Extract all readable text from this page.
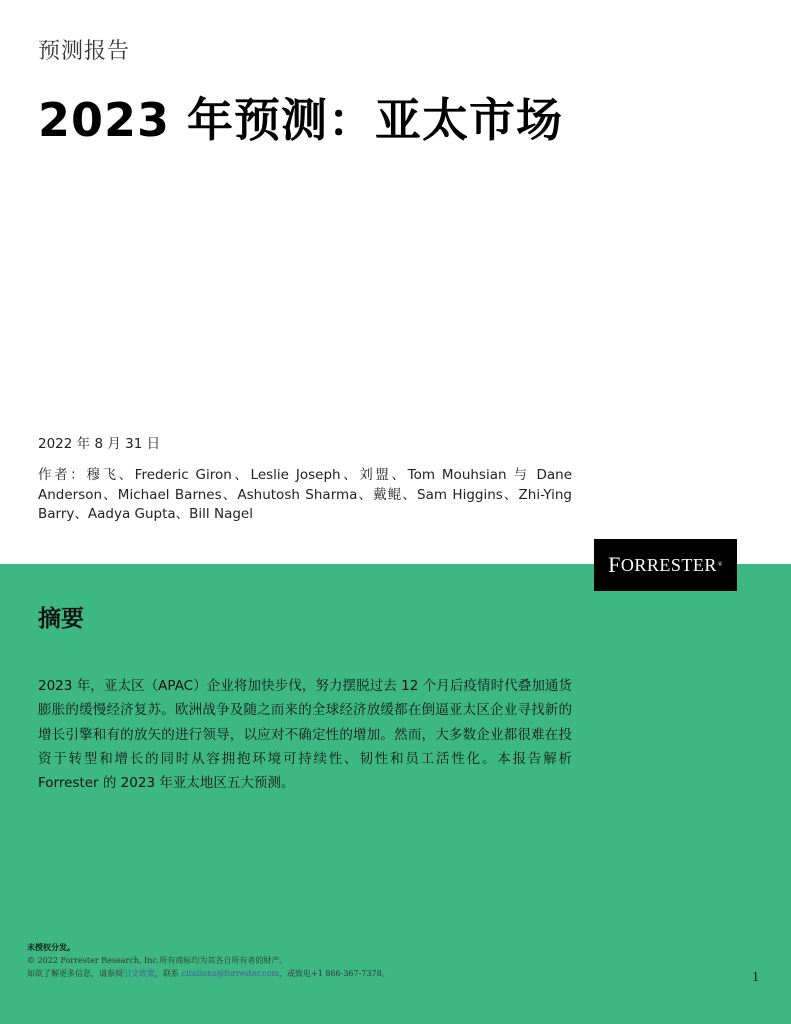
预测报告
2023 年预测：亚太市场
2022 年 8 月 31 日
作者：穆飞、Frederic Giron、Leslie Joseph、刘盟、Tom Mouhsian 与 Dane Anderson、Michael Barnes、Ashutosh Sharma、戴鲲、Sam Higgins、Zhi-Ying Barry、Aadya Gupta、Bill Nagel
F ORRESTER ®
摘要
2023 年，亚太区（APAC）企业将加快步伐，努力摆脱过去 12 个月后疫情时代叠加通货膨胀的缓慢经济复苏。欧洲战争及随之而来的全球经济放缓都在倒逼亚太区企业寻找新的增长引擎和有的放矢的进行领导，以应对不确定性的增加。然而，大多数企业都很难在投资于转型和增长的同时从容拥抱环境可持续性、韧性和员工活性化。本报告解析 Forrester 的 2023 年亚太地区五大预测。
未授权分发。
© 2022 Forrester Research, Inc.所有商标均为其各自所有者的财产。
如欲了解更多信息，请参阅引文政策，联系 citations@forrester.com，或致电+1 866-367-7378。	1
